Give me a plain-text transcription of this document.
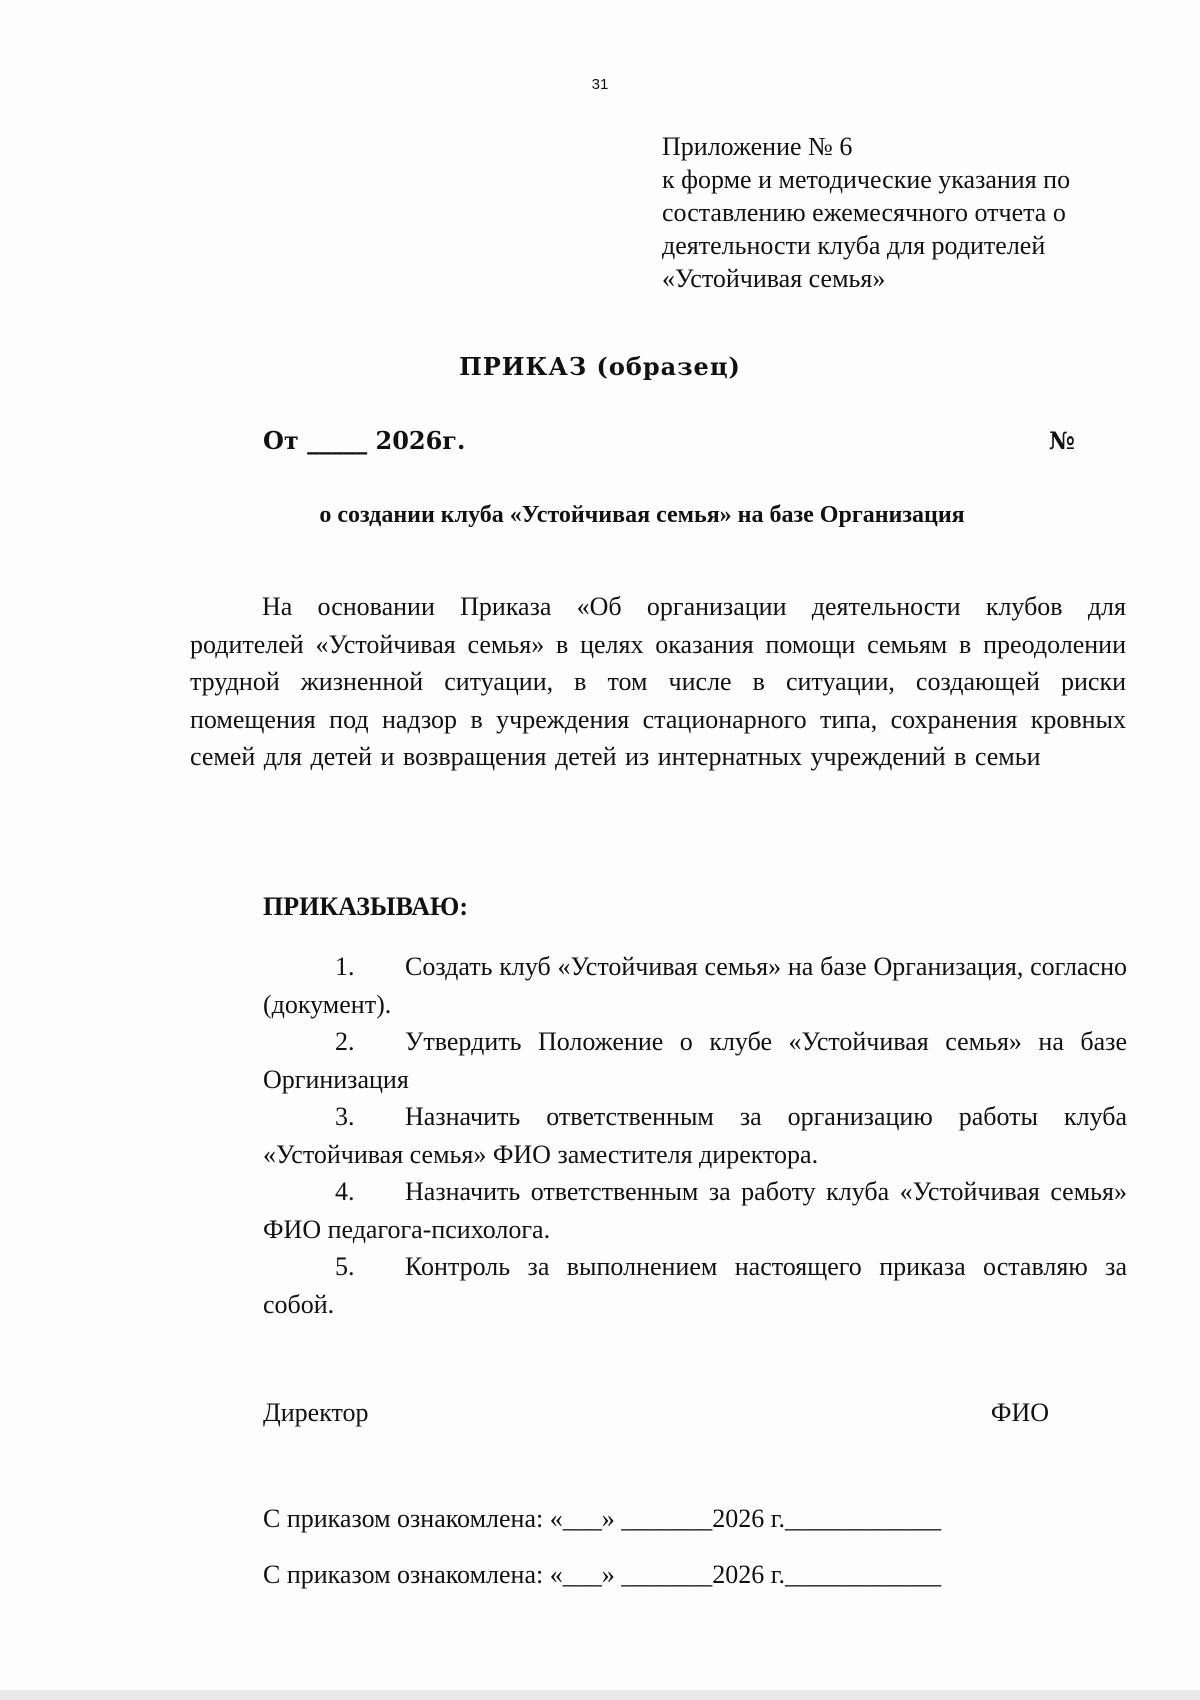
31
Приложение № 6
к форме и методические указания по
составлению ежемесячного отчета о
деятельности клуба для родителей
«Устойчивая семья»
ПРИКАЗ (образец)
От _____ 2026г.	№
о создании клуба «Устойчивая семья» на базе Организация
На основании Приказа «Об организации деятельности клубов для родителей «Устойчивая семья» в целях оказания помощи семьям в преодолении трудной жизненной ситуации, в том числе в ситуации, создающей риски помещения под надзор в учреждения стационарного типа, сохранения кровных семей для детей и возвращения детей из интернатных учреждений в семьи
ПРИКАЗЫВАЮ:
1. Создать клуб «Устойчивая семья» на базе Организация, согласно (документ).
2. Утвердить Положение о клубе «Устойчивая семья» на базе Оргинизация
3. Назначить ответственным за организацию работы клуба «Устойчивая семья» ФИО заместителя директора.
4. Назначить ответственным за работу клуба «Устойчивая семья» ФИО педагога-психолога.
5. Контроль за выполнением настоящего приказа оставляю за собой.
Директор	ФИО
С приказом ознакомлена: «___» _______2026 г.____________
С приказом ознакомлена: «___» _______2026 г.____________
